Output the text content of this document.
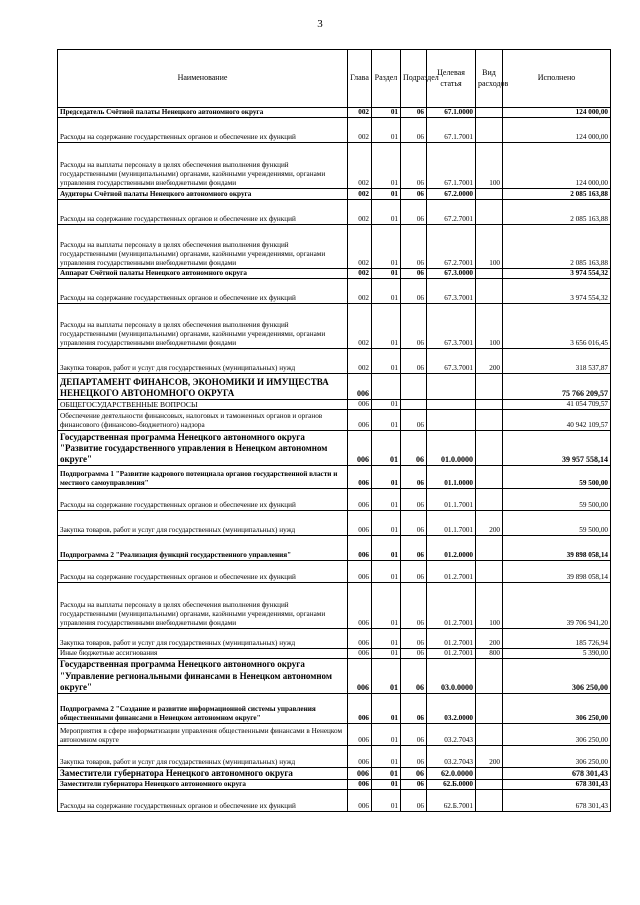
3
Наименование	Глава	Раздел	Подраздел	Целевая статья	Вид расходов	Исполнено
Председатель Счётной палаты Ненецкого автономного округа	002	01	06	67.1.0000		124 000,00
Расходы на содержание государственных органов и обеспечение их функций	002	01	06	67.1.7001		124 000,00
Расходы на выплаты персоналу в целях обеспечения выполнения функций государственными (муниципальными) органами, казёнными учреждениями, органами управления государственными внебюджетными фондами	002	01	06	67.1.7001	100	124 000,00
Аудиторы Счётной палаты Ненецкого автономного округа	002	01	06	67.2.0000		2 085 163,88
Расходы на содержание государственных органов и обеспечение их функций	002	01	06	67.2.7001		2 085 163,88
Расходы на выплаты персоналу в целях обеспечения выполнения функций государственными (муниципальными) органами, казёнными учреждениями, органами управления государственными внебюджетными фондами	002	01	06	67.2.7001	100	2 085 163,88
Аппарат Счётной палаты Ненецкого автономного округа	002	01	06	67.3.0000		3 974 554,32
Расходы на содержание государственных органов и обеспечение их функций	002	01	06	67.3.7001		3 974 554,32
Расходы на выплаты персоналу в целях обеспечения выполнения функций государственными (муниципальными) органами, казёнными учреждениями, органами управления государственными внебюджетными фондами	002	01	06	67.3.7001	100	3 656 016,45
Закупка товаров, работ и услуг для государственных (муниципальных) нужд	002	01	06	67.3.7001	200	318 537,87
ДЕПАРТАМЕНТ ФИНАНСОВ, ЭКОНОМИКИ И ИМУЩЕСТВА НЕНЕЦКОГО АВТОНОМНОГО ОКРУГА	006					75 766 209,57
ОБЩЕГОСУДАРСТВЕННЫЕ ВОПРОСЫ	006	01				41 054 709,57
Обеспечение деятельности финансовых, налоговых и таможенных органов и органов финансового (финансово-бюджетного) надзора	006	01	06			40 942 109,57
Государственная программа Ненецкого автономного округа "Развитие государственного управления в Ненецком автономном округе"	006	01	06	01.0.0000		39 957 558,14
Подпрограмма 1 "Развитие кадрового потенциала органов государственной власти и местного самоуправления"	006	01	06	01.1.0000		59 500,00
Расходы на содержание государственных органов и обеспечение их функций	006	01	06	01.1.7001		59 500,00
Закупка товаров, работ и услуг для государственных (муниципальных) нужд	006	01	06	01.1.7001	200	59 500,00
Подпрограмма 2 "Реализация функций государственного управления"	006	01	06	01.2.0000		39 898 058,14
Расходы на содержание государственных органов и обеспечение их функций	006	01	06	01.2.7001		39 898 058,14
Расходы на выплаты персоналу в целях обеспечения выполнения функций государственными (муниципальными) органами, казёнными учреждениями, органами управления государственными внебюджетными фондами	006	01	06	01.2.7001	100	39 706 941,20
Закупка товаров, работ и услуг для государственных (муниципальных) нужд	006	01	06	01.2.7001	200	185 726,94
Иные бюджетные ассигнования	006	01	06	01.2.7001	800	5 390,00
Государственная программа Ненецкого автономного округа "Управление региональными финансами в Ненецком автономном округе"	006	01	06	03.0.0000		306 250,00
Подпрограмма 2 "Создание и развитие информационной системы управления общественными финансами в Ненецком автономном округе"	006	01	06	03.2.0000		306 250,00
Мероприятия в сфере информатизации управления общественными финансами в Ненецком автономном округе	006	01	06	03.2.7043		306 250,00
Закупка товаров, работ и услуг для государственных (муниципальных) нужд	006	01	06	03.2.7043	200	306 250,00
Заместители губернатора Ненецкого автономного округа	006	01	06	62.0.0000		678 301,43
Заместители губернатора Ненецкого автономного округа	006	01	06	62.Б.0000		678 301,43
Расходы на содержание государственных органов и обеспечение их функций	006	01	06	62.Б.7001		678 301,43
